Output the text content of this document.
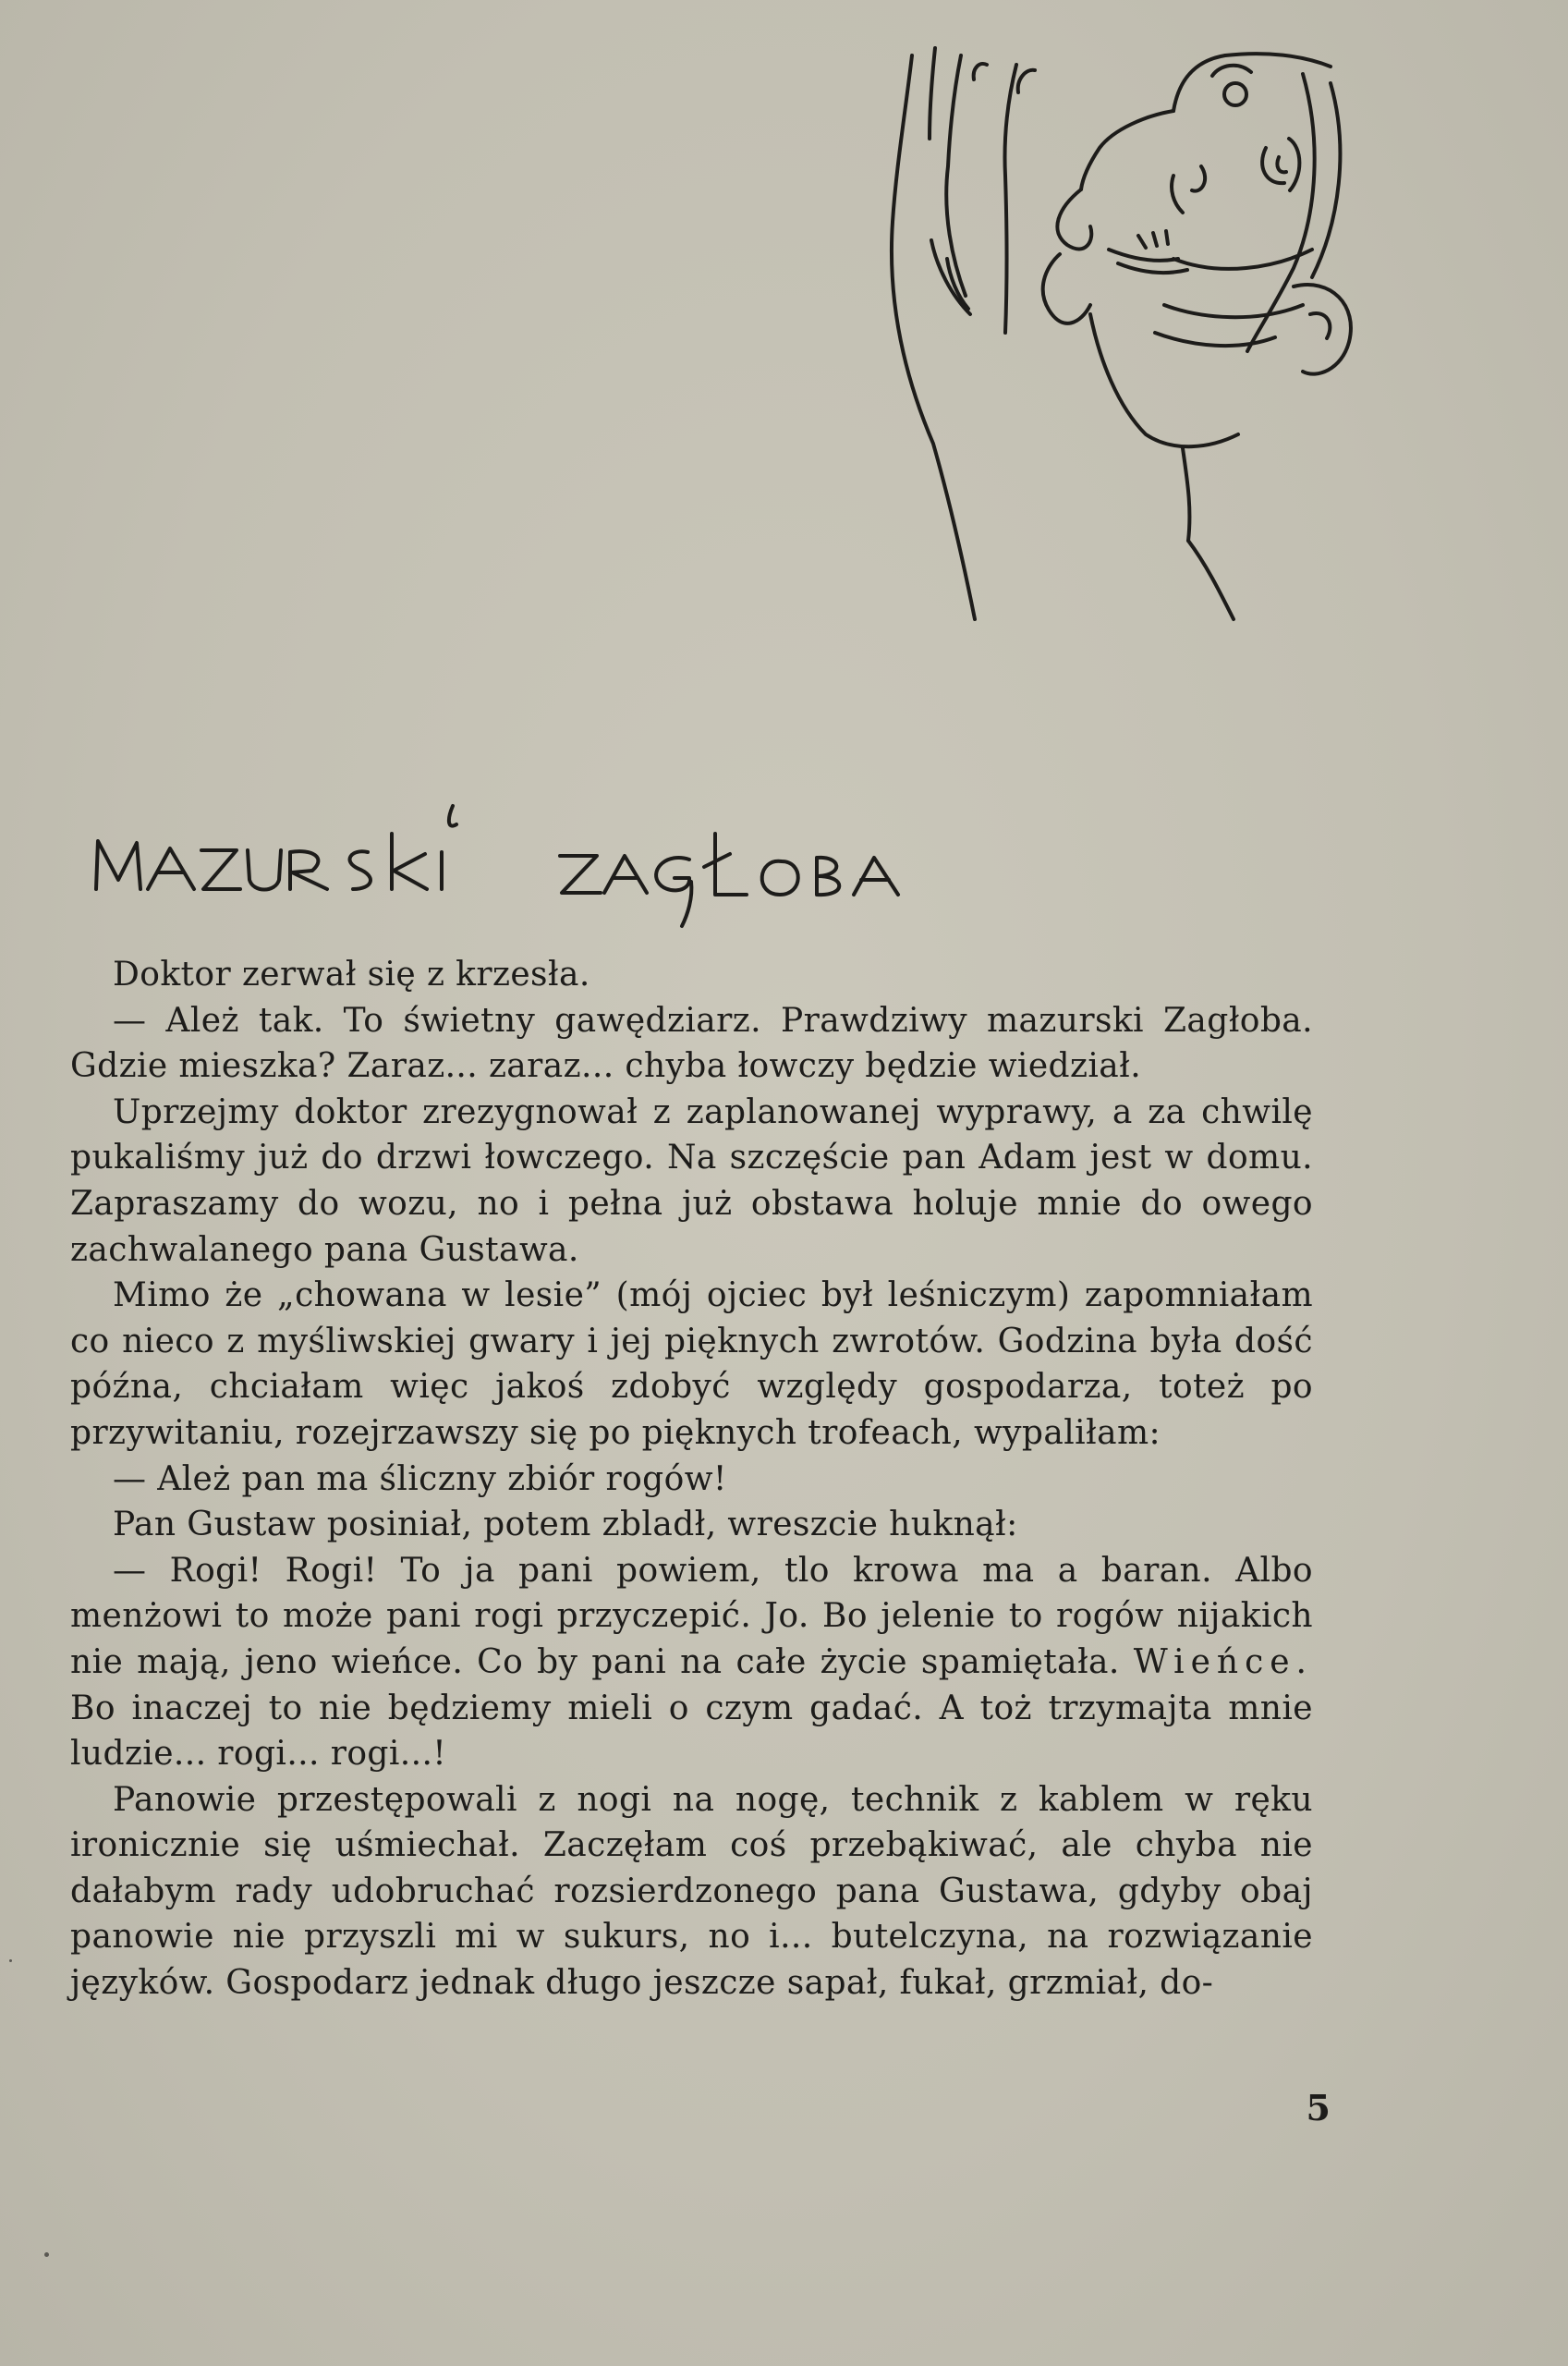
Doktor zerwał się z krzesła.

— Ależ tak. To świetny gawędziarz. Prawdziwy mazurski Zagłoba. Gdzie mieszka? Zaraz... zaraz... chyba łowczy będzie wiedział.

Uprzejmy doktor zrezygnował z zaplanowanej wyprawy, a za chwilę pukaliśmy już do drzwi łowczego. Na szczęście pan Adam jest w domu. Zapraszamy do wozu, no i pełna już obstawa holuje mnie do owego zachwalanego pana Gustawa.

Mimo że „chowana w lesie” (mój ojciec był leśniczym) zapomniałam co nieco z myśliwskiej gwary i jej pięknych zwrotów. Godzina była dość późna, chciałam więc jakoś zdobyć względy gospodarza, toteż po przywitaniu, rozejrzawszy się po pięknych trofeach, wypaliłam:

— Ależ pan ma śliczny zbiór rogów!

Pan Gustaw posiniał, potem zbladł, wreszcie huknął:

— Rogi! Rogi! To ja pani powiem, tlo krowa ma a baran. Albo menżowi to może pani rogi przyczepić. Jo. Bo jelenie to rogów nijakich nie mają, jeno wieńce. Co by pani na całe życie spamiętała. Wieńce. Bo inaczej to nie będziemy mieli o czym gadać. A toż trzymajta mnie ludzie... rogi... rogi...!

Panowie przestępowali z nogi na nogę, technik z kablem w ręku ironicznie się uśmiechał. Zaczęłam coś przebąkiwać, ale chyba nie dałabym rady udobruchać rozsierdzonego pana Gustawa, gdyby obaj panowie nie przyszli mi w sukurs, no i... butelczyna, na rozwiązanie języków. Gospodarz jednak długo jeszcze sapał, fukał, grzmiał, do-

5
